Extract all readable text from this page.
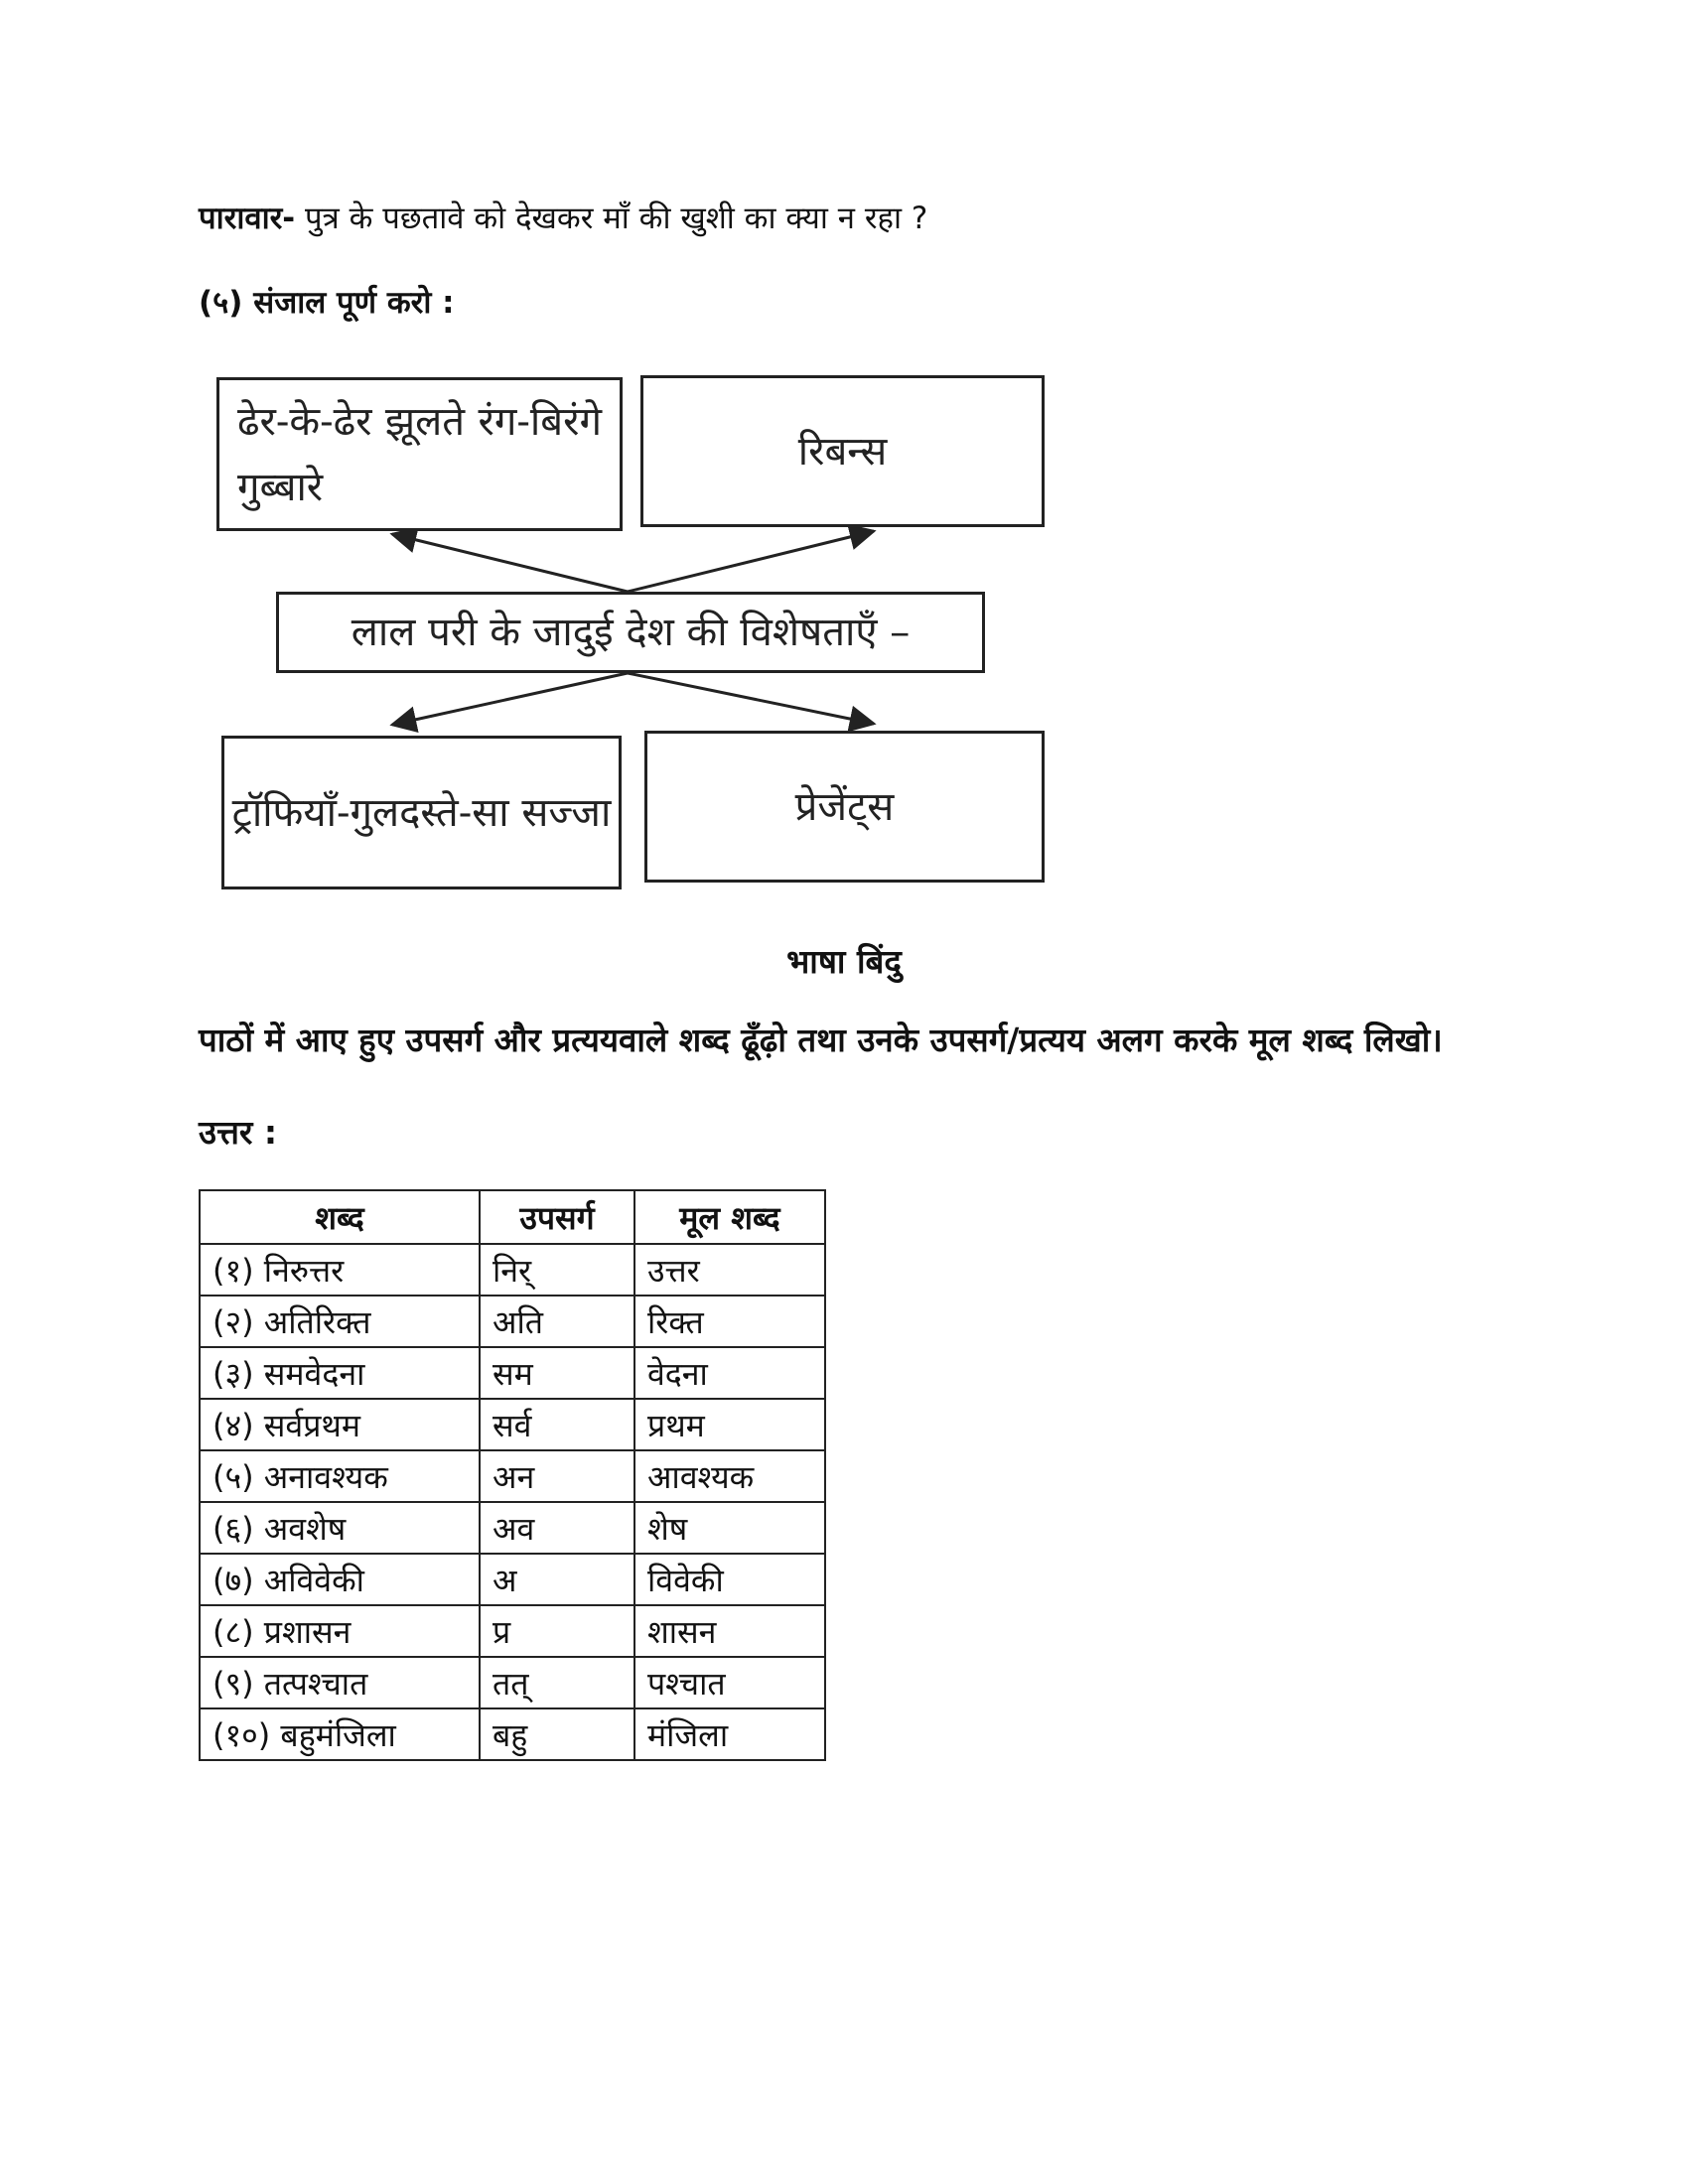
पारावार- पुत्र के पछतावे को देखकर माँ की खुशी का क्या न रहा ?
(५) संजाल पूर्ण करो :
ढेर-के-ढेर झूलते रंग-बिरंगे गुब्बारे
रिबन्स
लाल परी के जादुई देश की विशेषताएँ –
ट्रॉफियाँ-गुलदस्ते-सा सज्जा	प्रेजेंट्स
भाषा बिंदु
पाठों में आए हुए उपसर्ग और प्रत्ययवाले शब्द ढूँढ़ो तथा उनके उपसर्ग/प्रत्यय अलग करके मूल शब्द लिखो।
उत्तर :
शब्द	उपसर्ग	मूल शब्द
(१) निरुत्तर	निर्	उत्तर
(२) अतिरिक्त	अति	रिक्त
(३) समवेदना	सम	वेदना
(४) सर्वप्रथम	सर्व	प्रथम
(५) अनावश्यक	अन	आवश्यक
(६) अवशेष	अव	शेष
(७) अविवेकी	अ	विवेकी
(८) प्रशासन	प्र	शासन
(९) तत्पश्चात	तत्	पश्चात
(१०) बहुमंजिला	बहु	मंजिला
